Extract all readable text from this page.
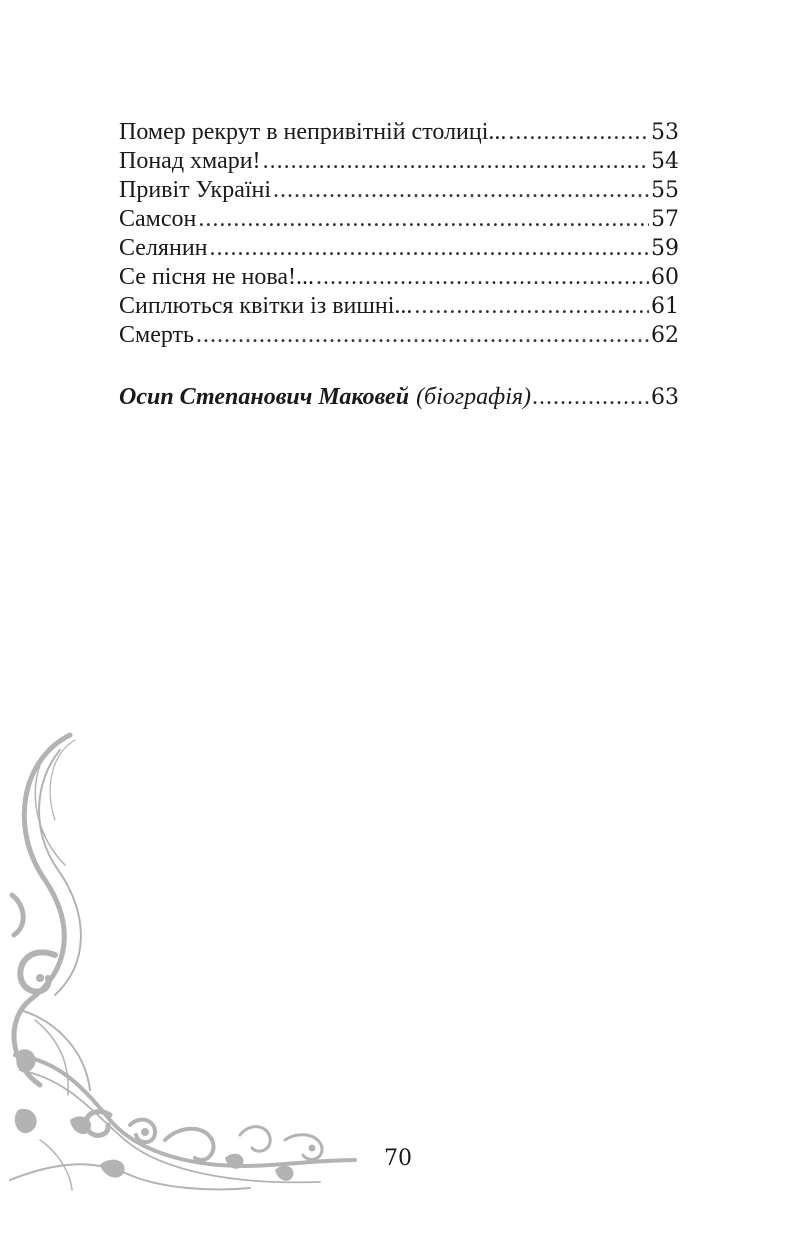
Помер рекрут в непривітній столиці... .....	53
Понад хмари! .....	54
Привіт Україні .....	55
Самсон .....	57
Селянин .....	59
Се пісня не нова!... .....	60
Сиплються квітки із вишні... .....	61
Смерть .....	62
Осип Степанович Маковей (біографія) .....	63
70
